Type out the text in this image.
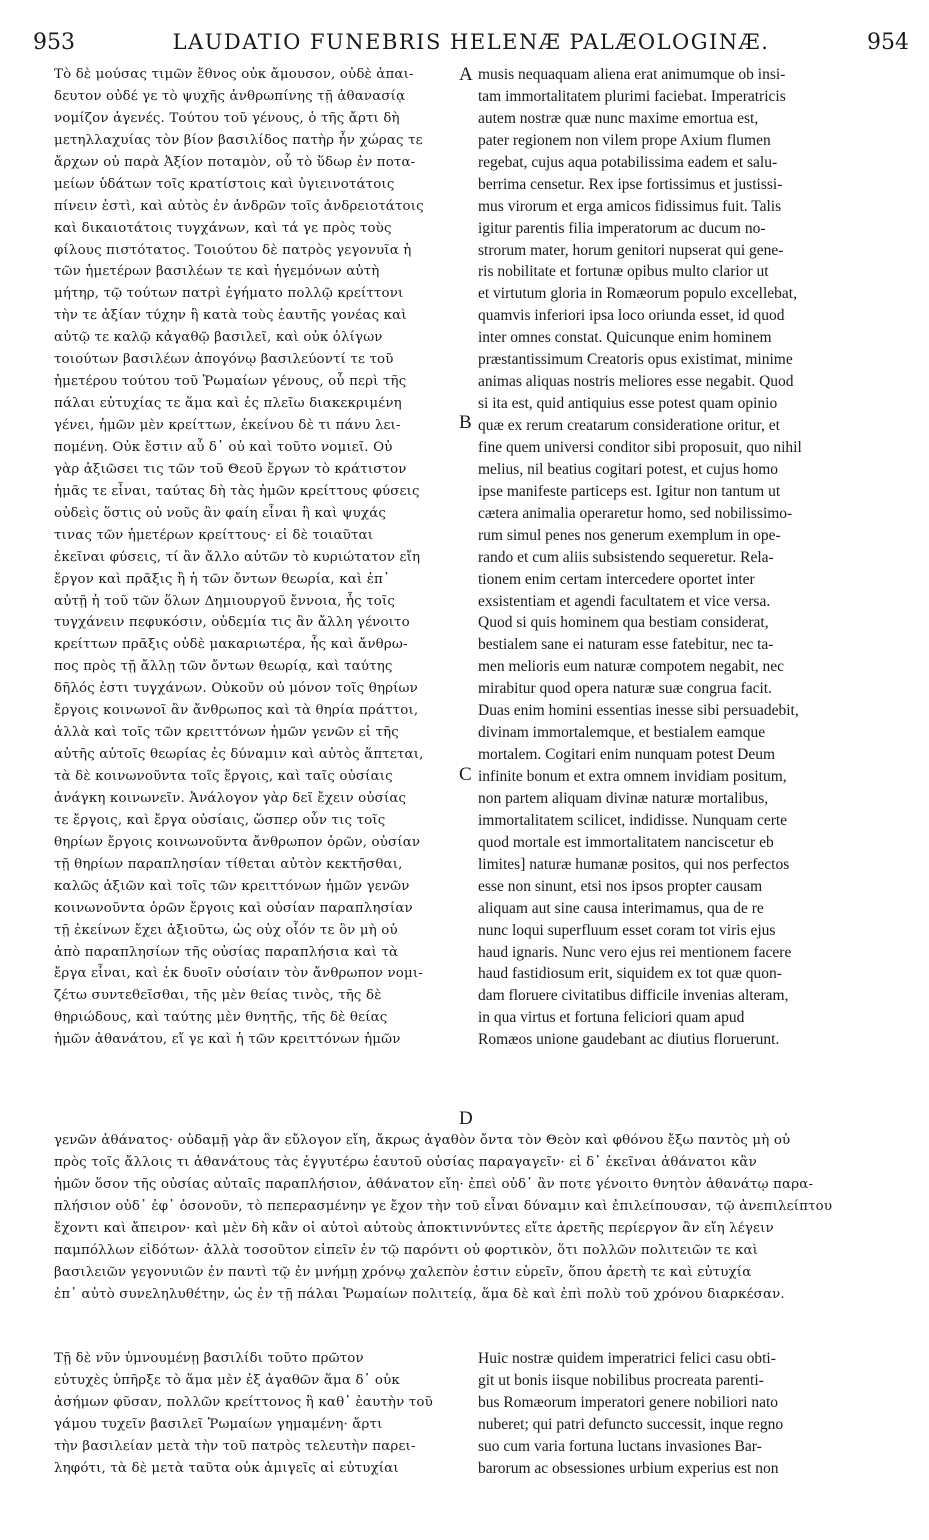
953	LAUDATIO FUNEBRIS HELENÆ PALÆOLOGINÆ.	954
Τὸ δὲ μούσας τιμῶν ἔθνος οὐκ ἄμουσον, οὐδὲ ἀπαι-
δευτον οὐδέ γε τὸ ψυχῆς ἀνθρωπίνης τῇ ἀθανασίᾳ
νομίζον ἀγενές. Τούτου τοῦ γένους, ὁ τῆς ἄρτι δὴ
μετηλλαχυίας τὸν βίον βασιλίδος πατὴρ ἦν χώρας τε
ἄρχων οὐ παρὰ Ἀξίον ποταμὸν, οὗ τὸ ὕδωρ ἐν ποτα-
μείων ὑδάτων τοῖς κρατίστοις καὶ ὑγιεινοτάτοις
πίνειν ἐστὶ, καὶ αὐτὸς ἐν ἀνδρῶν τοῖς ἀνδρειοτάτοις
καὶ δικαιοτάτοις τυγχάνων, καὶ τά γε πρὸς τοὺς
φίλους πιστότατος. Τοιούτου δὲ πατρὸς γεγονυῖα ἡ
τῶν ἡμετέρων βασιλέων τε καὶ ἡγεμόνων αὐτὴ
μήτηρ, τῷ τούτων πατρὶ ἐγήματο πολλῷ κρείττονι
τὴν τε ἀξίαν τύχην ἢ κατὰ τοὺς ἑαυτῆς γονέας καὶ
αὐτῷ τε καλῷ κἀγαθῷ βασιλεῖ, καὶ οὐκ ὀλίγων
τοιούτων βασιλέων ἀπογόνῳ βασιλεύοντί τε τοῦ
ἡμετέρου τούτου τοῦ Ῥωμαίων γένους, οὗ περὶ τῆς
πάλαι εὐτυχίας τε ἅμα καὶ ἐς πλεῖω διακεκριμένη
γένει, ἡμῶν μὲν κρείττων, ἐκείνου δὲ τι πάνυ λει-
πομένη. Οὐκ ἔστιν αὖ δ᾽ οὐ καὶ τοῦτο νομιεῖ. Οὐ
γὰρ ἀξιῶσει τις τῶν τοῦ Θεοῦ ἔργων τὸ κράτιστον
ἡμᾶς τε εἶναι, ταύτας δὴ τὰς ἡμῶν κρείττους φύσεις
οὐδεὶς ὅστις οὐ νοῦς ἂν φαίη εἶναι ἢ καὶ ψυχάς
τινας τῶν ἡμετέρων κρείττους· εἰ δὲ τοιαῦται
ἐκεῖναι φύσεις, τί ἂν ἄλλο αὐτῶν τὸ κυριώτατον εἴη
ἔργον καὶ πρᾶξις ἢ ἡ τῶν ὄντων θεωρία, καὶ ἐπ᾽
αὐτῇ ἡ τοῦ τῶν ὅλων Δημιουργοῦ ἔννοια, ἧς τοῖς
τυγχάνειν πεφυκόσιν, οὐδεμία τις ἂν ἄλλη γένοιτο
κρείττων πρᾶξις οὐδὲ μακαριωτέρα, ἧς καὶ ἄνθρω-
πος πρὸς τῇ ἄλλῃ τῶν ὄντων θεωρίᾳ, καὶ ταύτης
δῆλός ἐστι τυγχάνων. Οὐκοῦν οὐ μόνον τοῖς θηρίων
ἔργοις κοινωνοῖ ἂν ἄνθρωπος καὶ τὰ θηρία πράττοι,
ἀλλὰ καὶ τοῖς τῶν κρειττόνων ἡμῶν γενῶν εἰ τῆς
αὐτῆς αὐτοῖς θεωρίας ἐς δύναμιν καὶ αὐτὸς ἅπτεται,
τὰ δὲ κοινωνοῦντα τοῖς ἔργοις, καὶ ταῖς οὐσίαις
ἀνάγκη κοινωνεῖν. Ἀνάλογον γὰρ δεῖ ἔχειν οὐσίας
τε ἔργοις, καὶ ἔργα οὐσίαις, ὥσπερ οὖν τις τοῖς
θηρίων ἔργοις κοινωνοῦντα ἄνθρωπον ὁρῶν, οὐσίαν
τῇ θηρίων παραπλησίαν τίθεται αὐτὸν κεκτῆσθαι,
καλῶς ἀξιῶν καὶ τοῖς τῶν κρειττόνων ἡμῶν γενῶν
κοινωνοῦντα ὁρῶν ἔργοις καὶ οὐσίαν παραπλησίαν
τῇ ἐκείνων ἔχει ἀξιοῦτω, ὡς οὐχ οἷόν τε ὂν μὴ οὐ
ἀπὸ παραπλησίων τῆς οὐσίας παραπλήσια καὶ τὰ
ἔργα εἶναι, καὶ ἐκ δυοῖν οὐσίαιν τὸν ἄνθρωπον νομι-
ζέτω συντεθεῖσθαι, τῆς μὲν θείας τινὸς, τῆς δὲ
θηριώδους, καὶ ταύτης μὲν θνητῆς, τῆς δὲ θείας
ἡμῶν ἀθανάτου, εἴ γε καὶ ἡ τῶν κρειττόνων ἡμῶν
musis nequaquam aliena erat animumque ob insi-
tam immortalitatem plurimi faciebat. Imperatricis
autem nostræ quæ nunc maxime emortua est,
pater regionem non vilem prope Axium flumen
regebat, cujus aqua potabilissima eadem et salu-
berrima censetur. Rex ipse fortissimus et justissi-
mus virorum et erga amicos fidissimus fuit. Talis
igitur parentis filia imperatorum ac ducum no-
strorum mater, horum genitori nupserat qui gene-
ris nobilitate et fortunæ opibus multo clarior ut
et virtutum gloria in Romæorum populo excellebat,
quamvis inferiori ipsa loco oriunda esset, id quod
inter omnes constat. Quicunque enim hominem
præstantissimum Creatoris opus existimat, minime
animas aliquas nostris meliores esse negabit. Quod
si ita est, quid antiquius esse potest quam opinio
quæ ex rerum creatarum consideratione oritur, et
fine quem universi conditor sibi proposuit, quo nihil
melius, nil beatius cogitari potest, et cujus homo
ipse manifeste particeps est. Igitur non tantum ut
cætera animalia operaretur homo, sed nobilissimo-
rum simul penes nos generum exemplum in ope-
rando et cum aliis subsistendo sequeretur. Rela-
tionem enim certam intercedere oportet inter
exsistentiam et agendi facultatem et vice versa.
Quod si quis hominem qua bestiam considerat,
bestialem sane ei naturam esse fatebitur, nec ta-
men melioris eum naturæ compotem negabit, nec
mirabitur quod opera naturæ suæ congrua facit.
Duas enim homini essentias inesse sibi persuadebit,
divinam immortalemque, et bestialem eamque
mortalem. Cogitari enim nunquam potest Deum
infinite bonum et extra omnem invidiam positum,
non partem aliquam divinæ naturæ mortalibus,
immortalitatem scilicet, indidisse. Nunquam certe
quod mortale est immortalitatem nanciscetur eb
limites] naturæ humanæ positos, qui nos perfectos
esse non sinunt, etsi nos ipsos propter causam
aliquam aut sine causa interimamus, qua de re
nunc loqui superfluum esset coram tot viris ejus
haud ignaris. Nunc vero ejus rei mentionem facere
haud fastidiosum erit, siquidem ex tot quæ quon-
dam floruere civitatibus difficile invenias alteram,
in qua virtus et fortuna feliciori quam apud
Romæos unione gaudebant ac diutius floruerunt.
γενῶν ἀθάνατος· οὐδαμῇ γὰρ ἂν εὔλογον εἴη, ἄκρως ἀγαθὸν ὄντα τὸν Θεὸν καὶ φθόνου ἔξω παντὸς μὴ οὐ
πρὸς τοῖς ἄλλοις τι ἀθανάτους τὰς ἐγγυτέρω ἑαυτοῦ οὐσίας παραγαγεῖν· εἰ δ᾽ ἐκεῖναι ἀθάνατοι κἂν
ἡμῶν ὅσον τῆς οὐσίας αὐταῖς παραπλήσιον, ἀθάνατον εἴη· ἐπεὶ οὐδ᾽ ἂν ποτε γένοιτο θνητὸν ἀθανάτῳ παρα-
πλήσιον οὐδ᾽ ἐφ᾽ ὁσονοῦν, τὸ πεπερασμένην γε ἔχον τὴν τοῦ εἶναι δύναμιν καὶ ἐπιλείπουσαν, τῷ ἀνεπιλείπτου
ἔχοντι καὶ ἄπειρον· καὶ μὲν δὴ κἂν οἱ αὐτοὶ αὐτοὺς ἀποκτιννύντες εἴτε ἀρετῆς περίεργον ἂν εἴη λέγειν
παμπόλλων εἰδότων· ἀλλὰ τοσοῦτον εἰπεῖν ἐν τῷ παρόντι οὐ φορτικὸν, ὅτι πολλῶν πολιτειῶν τε καὶ
βασιλειῶν γεγονυιῶν ἐν παντὶ τῷ ἐν μνήμῃ χρόνῳ χαλεπὸν ἐστιν εὑρεῖν, ὅπου ἀρετὴ τε καὶ εὐτυχία
ἐπ᾽ αὐτὸ συνεληλυθέτην, ὡς ἐν τῇ πάλαι Ῥωμαίων πολιτείᾳ, ἅμα δὲ καὶ ἐπὶ πολὺ τοῦ χρόνου διαρκέσαν.
Τῇ δὲ νῦν ὑμνουμένῃ βασιλίδι τοῦτο πρῶτον
εὐτυχὲς ὑπῆρξε τὸ ἅμα μὲν ἐξ ἀγαθῶν ἅμα δ᾽ οὐκ
ἀσήμων φῦσαν, πολλῶν κρείττονος ἢ καθ᾽ ἑαυτὴν τοῦ
γάμου τυχεῖν βασιλεῖ Ῥωμαίων γημαμένη· ἄρτι
τὴν βασιλείαν μετὰ τὴν τοῦ πατρὸς τελευτὴν παρει-
ληφότι, τὰ δὲ μετὰ ταῦτα οὐκ ἀμιγεῖς αἱ εὐτυχίαι
Huic nostræ quidem imperatrici felici casu obti-
git ut bonis iisque nobilibus procreata parenti-
bus Romæorum imperatori genere nobiliori nato
nuberet; qui patri defuncto successit, inque regno
suo cum varia fortuna luctans invasiones Bar-
barorum ac obsessiones urbium experius est non
A
B
C
D
